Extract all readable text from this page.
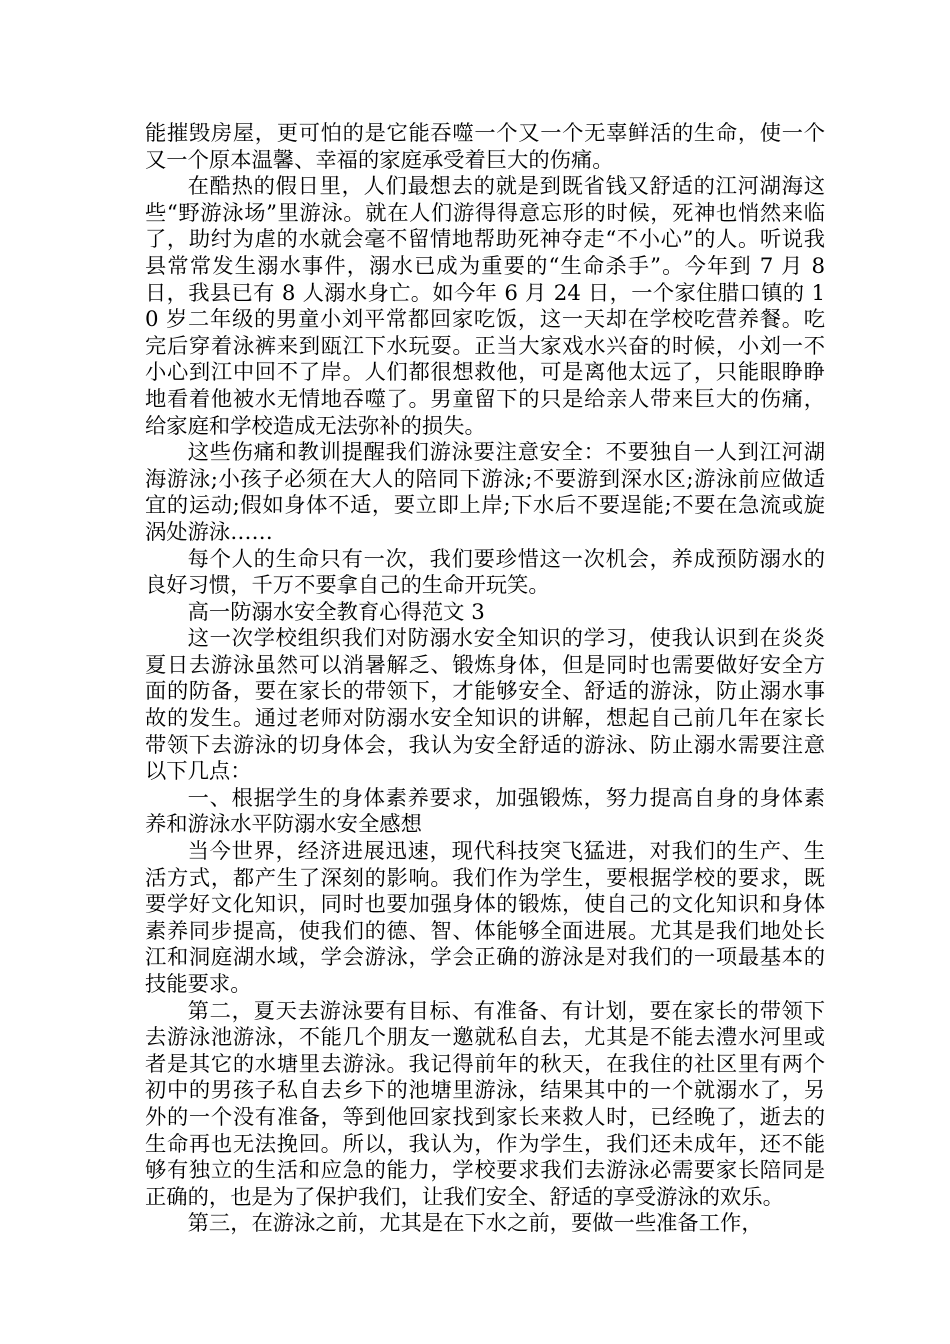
能摧毁房屋，更可怕的是它能吞噬一个又一个无辜鲜活的生命，使一个又一个原本温馨、幸福的家庭承受着巨大的伤痛。

在酷热的假日里，人们最想去的就是到既省钱又舒适的江河湖海这些“野游泳场”里游泳。就在人们游得得意忘形的时候，死神也悄然来临了，助纣为虐的水就会毫不留情地帮助死神夺走“不小心”的人。听说我县常常发生溺水事件，溺水已成为重要的“生命杀手”。今年到 7 月 8 日，我县已有 8 人溺水身亡。如今年 6 月 24 日，一个家住腊口镇的 10 岁二年级的男童小刘平常都回家吃饭，这一天却在学校吃营养餐。吃完后穿着泳裤来到瓯江下水玩耍。正当大家戏水兴奋的时候，小刘一不小心到江中回不了岸。人们都很想救他，可是离他太远了，只能眼睁睁地看着他被水无情地吞噬了。男童留下的只是给亲人带来巨大的伤痛，给家庭和学校造成无法弥补的损失。

这些伤痛和教训提醒我们游泳要注意安全：不要独自一人到江河湖海游泳;小孩子必须在大人的陪同下游泳;不要游到深水区;游泳前应做适宜的运动;假如身体不适，要立即上岸;下水后不要逞能;不要在急流或旋涡处游泳……

每个人的生命只有一次，我们要珍惜这一次机会，养成预防溺水的良好习惯，千万不要拿自己的生命开玩笑。

高一防溺水安全教育心得范文 3

这一次学校组织我们对防溺水安全知识的学习，使我认识到在炎炎夏日去游泳虽然可以消暑解乏、锻炼身体，但是同时也需要做好安全方面的防备，要在家长的带领下，才能够安全、舒适的游泳，防止溺水事故的发生。通过老师对防溺水安全知识的讲解，想起自己前几年在家长带领下去游泳的切身体会，我认为安全舒适的游泳、防止溺水需要注意以下几点：

一、根据学生的身体素养要求，加强锻炼，努力提高自身的身体素养和游泳水平防溺水安全感想

当今世界，经济进展迅速，现代科技突飞猛进，对我们的生产、生活方式，都产生了深刻的影响。我们作为学生，要根据学校的要求，既要学好文化知识，同时也要加强身体的锻炼，使自己的文化知识和身体素养同步提高，使我们的德、智、体能够全面进展。尤其是我们地处长江和洞庭湖水域，学会游泳，学会正确的游泳是对我们的一项最基本的技能要求。

第二，夏天去游泳要有目标、有准备、有计划，要在家长的带领下去游泳池游泳，不能几个朋友一邀就私自去，尤其是不能去澧水河里或者是其它的水塘里去游泳。我记得前年的秋天，在我住的社区里有两个初中的男孩子私自去乡下的池塘里游泳，结果其中的一个就溺水了，另外的一个没有准备，等到他回家找到家长来救人时，已经晚了，逝去的生命再也无法挽回。所以，我认为，作为学生，我们还未成年，还不能够有独立的生活和应急的能力，学校要求我们去游泳必需要家长陪同是正确的，也是为了保护我们，让我们安全、舒适的享受游泳的欢乐。

第三，在游泳之前，尤其是在下水之前，要做一些准备工作，
